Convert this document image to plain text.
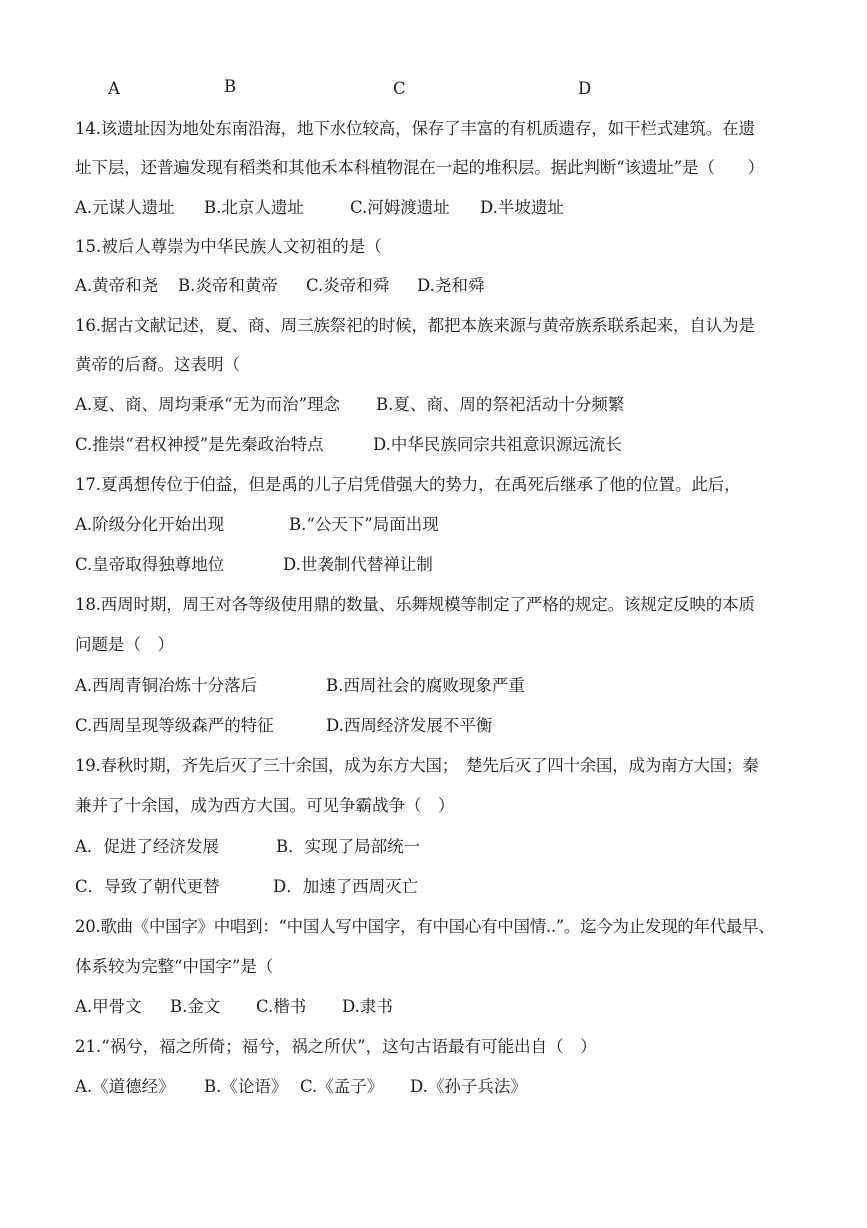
A	B	C	D
14.该遗址因为地处东南沿海，地下水位较高，保存了丰富的有机质遗存，如干栏式建筑。在遗
址下层，还普遍发现有稻类和其他禾本科植物混在一起的堆积层。据此判断“该遗址”是（　　）
A.元谋人遗址 B.北京人遗址	C.河姆渡遗址 D.半坡遗址
15.被后人尊崇为中华民族人文初祖的是（
A.黄帝和尧 B.炎帝和黄帝 C.炎帝和舜 D.尧和舜
16.据古文献记述，夏、商、周三族祭祀的时候，都把本族来源与黄帝族系联系起来，自认为是
黄帝的后裔。这表明（
A.夏、商、周均秉承“无为而治”理念 B.夏、商、周的祭祀活动十分频繁
C.推崇“君权神授”是先秦政治特点	D.中华民族同宗共祖意识源远流长
17.夏禹想传位于伯益，但是禹的儿子启凭借强大的势力，在禹死后继承了他的位置。此后，
A.阶级分化开始出现	B.“公天下”局面出现
C.皇帝取得独尊地位	D.世袭制代替禅让制
18.西周时期，周王对各等级使用鼎的数量、乐舞规模等制定了严格的规定。该规定反映的本质
问题是（　）
A.西周青铜冶炼十分落后	B.西周社会的腐败现象严重
C.西周呈现等级森严的特征	D.西周经济发展不平衡
19.春秋时期，齐先后灭了三十余国，成为东方大国；　楚先后灭了四十余国，成为南方大国；秦
兼并了十余国，成为西方大国。可见争霸战争（　）
A．促进了经济发展	B．实现了局部统一
C．导致了朝代更替	D．加速了西周灭亡
20.歌曲《中国字》中唱到：“中国人写中国字，有中国心有中国情..”。迄今为止发现的年代最早、
体系较为完整“中国字”是（
A.甲骨文 B.金文 C.楷书 D.隶书
21.“祸兮，福之所倚；福兮，祸之所伏”，这句古语最有可能出自（　）
A.《道德经》 B.《论语》 C.《孟子》 D.《孙子兵法》
